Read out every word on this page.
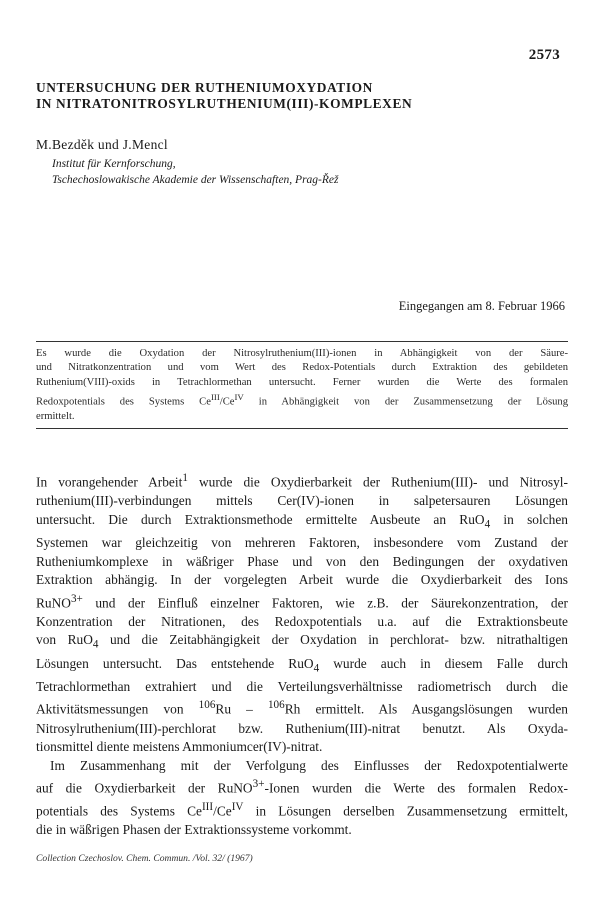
2573
UNTERSUCHUNG DER RUTHENIUMOXYDATION
IN NITRATONITROSYLRUTHENIUM(III)-KOMPLEXEN
M.Bezděk und J.Mencl
Institut für Kernforschung,
Tschechoslowakische Akademie der Wissenschaften, Prag-Řež
Eingegangen am 8. Februar 1966
Es wurde die Oxydation der Nitrosylruthenium(III)-ionen in Abhängigkeit von der Säure-
und Nitratkonzentration und vom Wert des Redox-Potentials durch Extraktion des gebildeten
Ruthenium(VIII)-oxids in Tetrachlormethan untersucht. Ferner wurden die Werte des formalen
Redoxpotentials des Systems $Ce^{III}/Ce^{IV}$ in Abhängigkeit von der Zusammensetzung der Lösung
ermittelt.
In vorangehender Arbeit$^1$ wurde die Oxydierbarkeit der Ruthenium(III)- und Nitrosyl-
ruthenium(III)-verbindungen mittels Cer(IV)-ionen in salpetersauren Lösungen
untersucht. Die durch Extraktionsmethode ermittelte Ausbeute an RuO$_4$ in solchen
Systemen war gleichzeitig von mehreren Faktoren, insbesondere vom Zustand der
Rutheniumkomplexe in wäßriger Phase und von den Bedingungen der oxydativen
Extraktion abhängig. In der vorgelegten Arbeit wurde die Oxydierbarkeit des Ions
RuNO$^{3+}$ und der Einfluß einzelner Faktoren, wie z.B. der Säurekonzentration, der
Konzentration der Nitrationen, des Redoxpotentials u.a. auf die Extraktionsbeute
von RuO$_4$ und die Zeitabhängigkeit der Oxydation in perchlorat- bzw. nitrathaltigen
Lösungen untersucht. Das entstehende RuO$_4$ wurde auch in diesem Falle durch
Tetrachlormethan extrahiert und die Verteilungsverhältnisse radiometrisch durch die
Aktivitätsmessungen von $^{106}$Ru – $^{106}$Rh ermittelt. Als Ausgangslösungen wurden
Nitrosylruthenium(III)-perchlorat bzw. Ruthenium(III)-nitrat benutzt. Als Oxyda-
tionsmittel diente meistens Ammoniumcer(IV)-nitrat.
Im Zusammenhang mit der Verfolgung des Einflusses der Redoxpotentialwerte
auf die Oxydierbarkeit der RuNO$^{3+}$-Ionen wurden die Werte des formalen Redox-
potentials des Systems $Ce^{III}/Ce^{IV}$ in Lösungen derselben Zusammensetzung ermittelt,
die in wäßrigen Phasen der Extraktionssysteme vorkommt.
Collection Czechoslov. Chem. Commun. /Vol. 32/ (1967)
